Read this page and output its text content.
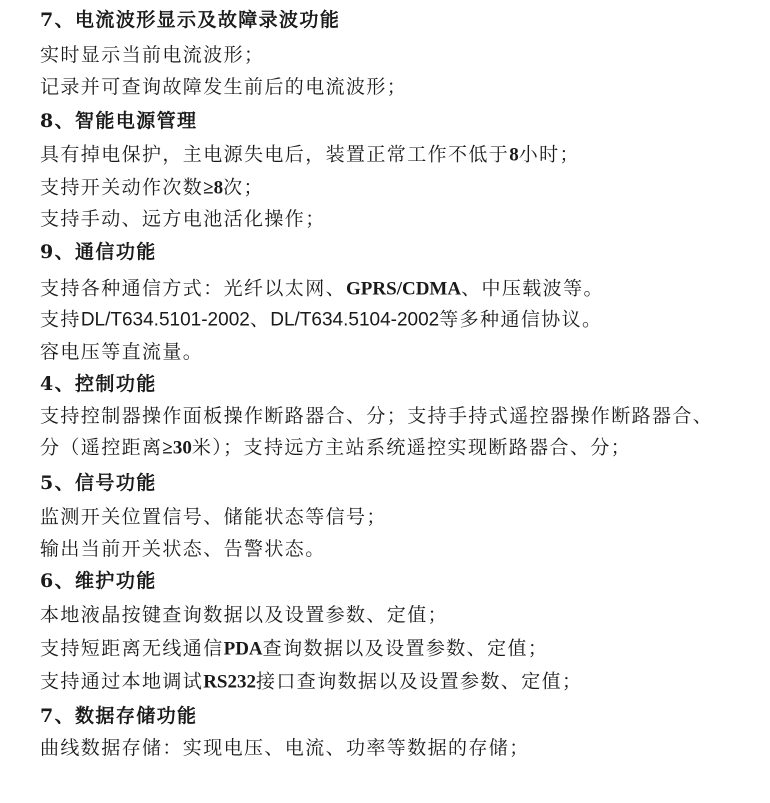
7、电流波形显示及故障录波功能
实时显示当前电流波形；
记录并可查询故障发生前后的电流波形；
8、智能电源管理
具有掉电保护，主电源失电后，装置正常工作不低于8小时；
支持开关动作次数≥8次；
支持手动、远方电池活化操作；
9、通信功能
支持各种通信方式：光纤以太网、GPRS/CDMA、中压载波等。
支持DL/T634.5101-2002、DL/T634.5104-2002等多种通信协议。
容电压等直流量。
4、控制功能
支持控制器操作面板操作断路器合、分；支持手持式遥控器操作断路器合、
分（遥控距离≥30米）；支持远方主站系统遥控实现断路器合、分；
5、信号功能
监测开关位置信号、储能状态等信号；
输出当前开关状态、告警状态。
6、维护功能
本地液晶按键查询数据以及设置参数、定值；
支持短距离无线通信PDA查询数据以及设置参数、定值；
支持通过本地调试RS232接口查询数据以及设置参数、定值；
7、数据存储功能
曲线数据存储：实现电压、电流、功率等数据的存储；
